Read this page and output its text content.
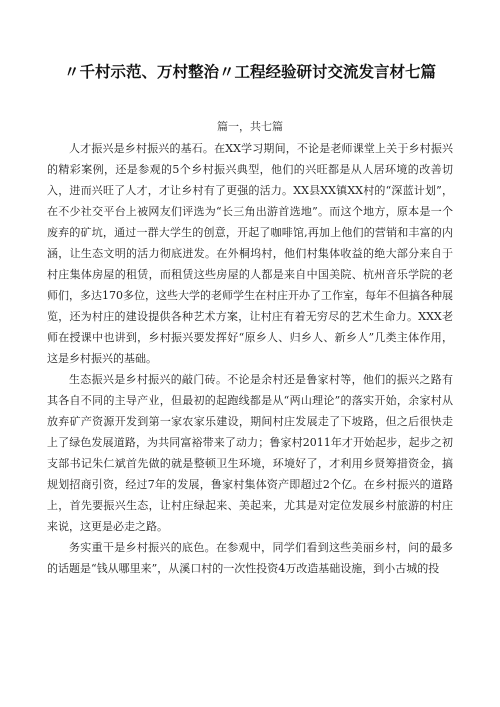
〃千村示范、万村整治〃工程经验研讨交流发言材七篇

篇一，共七篇

人才振兴是乡村振兴的基石。在XX学习期间，不论是老师课堂上关于乡村振兴的精彩案例，还是参观的5个乡村振兴典型，他们的兴旺都是从人居环境的改善切入，进而兴旺了人才，才让乡村有了更强的活力。XX县XX镇XX村的“深蓝计划”，在不少社交平台上被网友们评选为“长三角出游首选地”。而这个地方，原本是一个废弃的矿坑，通过一群大学生的创意，开起了咖啡馆,再加上他们的营销和丰富的内涵，让生态文明的活力彻底迸发。在外桐坞村，他们村集体收益的绝大部分来自于村庄集体房屋的租赁，而租赁这些房屋的人都是来自中国美院、杭州音乐学院的老师们，多达170多位，这些大学的老师学生在村庄开办了工作室，每年不但搞各种展览，还为村庄的建设提供各种艺术方案，让村庄有着无穷尽的艺术生命力。XXX老师在授课中也讲到，乡村振兴要发挥好“原乡人、归乡人、新乡人”几类主体作用，这是乡村振兴的基础。

生态振兴是乡村振兴的敲门砖。不论是余村还是鲁家村等，他们的振兴之路有其各自不同的主导产业，但最初的起跑线都是从“两山理论”的落实开始，余家村从放弃矿产资源开发到第一家农家乐建设，期间村庄发展走了下坡路，但之后很快走上了绿色发展道路，为共同富裕带来了动力；鲁家村2011年才开始起步，起步之初支部书记朱仁斌首先做的就是整顿卫生环境，环境好了，才利用乡贤筹措资金，搞规划招商引资，经过7年的发展，鲁家村集体资产即超过2个亿。在乡村振兴的道路上，首先要振兴生态，让村庄绿起来、美起来，尤其是对定位发展乡村旅游的村庄来说，这更是必走之路。

务实重干是乡村振兴的底色。在参观中，同学们看到这些美丽乡村，问的最多的话题是“钱从哪里来”，从溪口村的一次性投资4万改造基础设施，到小古城的投
